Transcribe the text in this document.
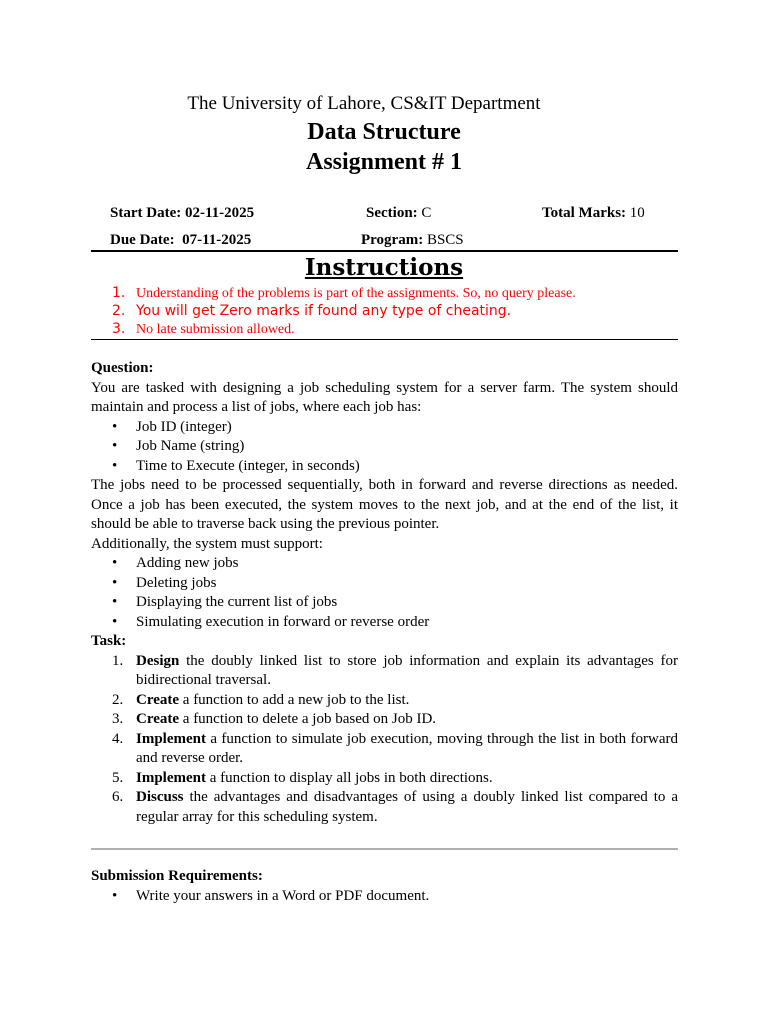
The University of Lahore, CS&IT Department
Data Structure
Assignment # 1
Start Date: 02-11-2025	Section: C	Total Marks: 10
Due Date: 07-11-2025	Program: BSCS
Instructions
1. Understanding of the problems is part of the assignments. So, no query please.
2. You will get Zero marks if found any type of cheating.
3. No late submission allowed.

Question:

You are tasked with designing a job scheduling system for a server farm. The system should maintain and process a list of jobs, where each job has:

• Job ID (integer)
• Job Name (string)
• Time to Execute (integer, in seconds)

The jobs need to be processed sequentially, both in forward and reverse directions as needed. Once a job has been executed, the system moves to the next job, and at the end of the list, it should be able to traverse back using the previous pointer.

Additionally, the system must support:

• Adding new jobs
• Deleting jobs
• Displaying the current list of jobs
• Simulating execution in forward or reverse order

Task:

1. Design the doubly linked list to store job information and explain its advantages for bidirectional traversal.
2. Create a function to add a new job to the list.
3. Create a function to delete a job based on Job ID.
4. Implement a function to simulate job execution, moving through the list in both forward and reverse order.
5. Implement a function to display all jobs in both directions.
6. Discuss the advantages and disadvantages of using a doubly linked list compared to a regular array for this scheduling system.

Submission Requirements:

• Write your answers in a Word or PDF document.
